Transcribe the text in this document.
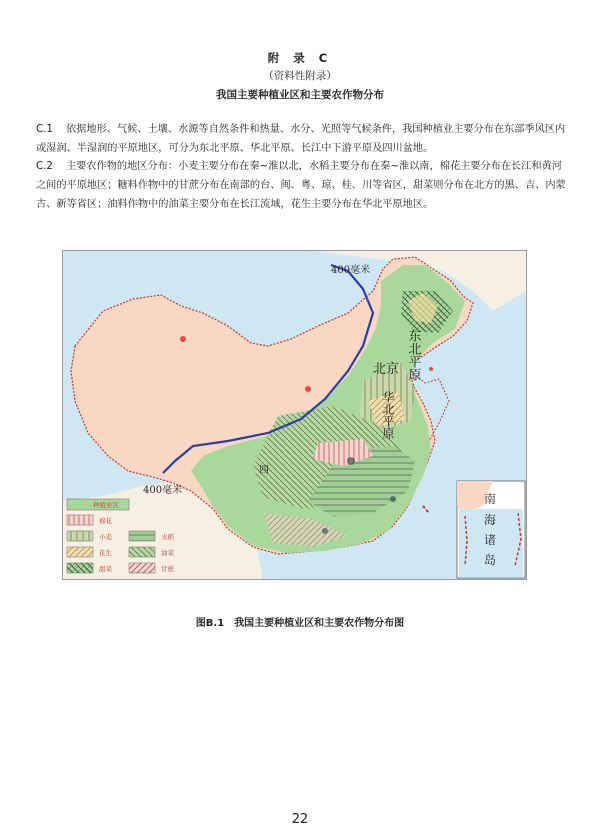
附 录 C
（资料性附录）
我国主要种植业区和主要农作物分布
C.1 依据地形、气候、土壤、水源等自然条件和热量、水分、光照等气候条件，我国种植业主要分布在东部季风区内或湿润、半湿润的平原地区，可分为东北平原、华北平原、长江中下游平原及四川盆地。
C.2 主要农作物的地区分布：小麦主要分布在秦~淮以北，水稻主要分布在秦~淮以南，棉花主要分布在长江和黄河之间的平原地区；糖料作物中的甘蔗分布在南部的台、闽、粤、琼、桂、川等省区，甜菜则分布在北方的黑、吉、内蒙古、新等省区；油料作物中的油菜主要分布在长江流域，花生主要分布在华北平原地区。
400毫米
400毫米
北京 东北平原
华北平原
四
南
海
诸
岛
种植业区
棉花
小麦	水稻
花生	油菜
甜菜	甘蔗
图B.1　我国主要种植业区和主要农作物分布图
22
